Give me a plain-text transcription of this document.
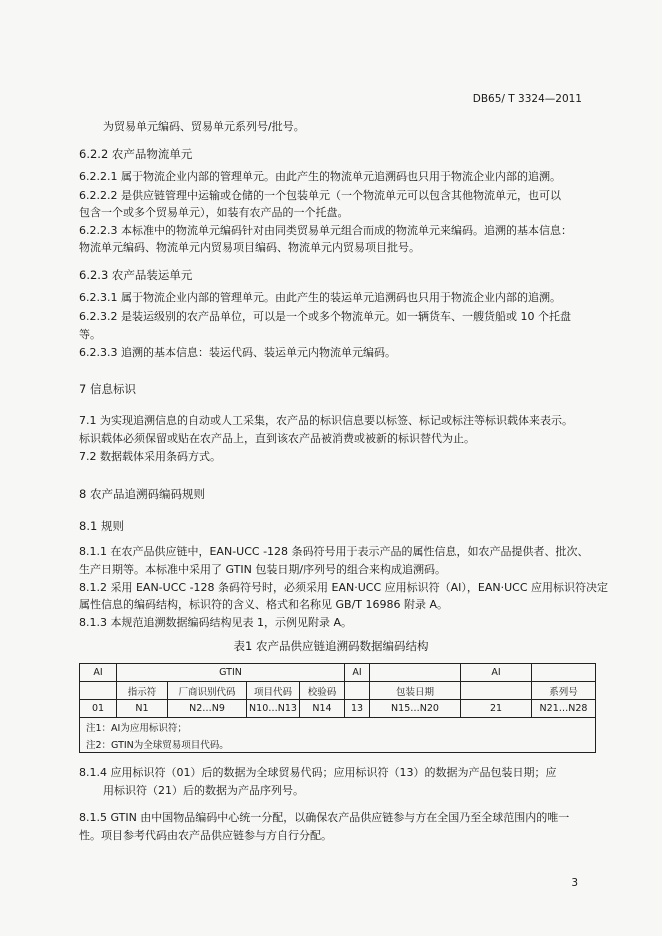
DB65/ T 3324—2011
为贸易单元编码、贸易单元系列号/批号。
6.2.2 农产品物流单元
6.2.2.1 属于物流企业内部的管理单元。由此产生的物流单元追溯码也只用于物流企业内部的追溯。
6.2.2.2 是供应链管理中运输或仓储的一个包装单元（一个物流单元可以包含其他物流单元，也可以
包含一个或多个贸易单元），如装有农产品的一个托盘。
6.2.2.3 本标准中的物流单元编码针对由同类贸易单元组合而成的物流单元来编码。追溯的基本信息：
物流单元编码、物流单元内贸易项目编码、物流单元内贸易项目批号。
6.2.3 农产品装运单元
6.2.3.1 属于物流企业内部的管理单元。由此产生的装运单元追溯码也只用于物流企业内部的追溯。
6.2.3.2 是装运级别的农产品单位，可以是一个或多个物流单元。如一辆货车、一艘货船或 10 个托盘
等。
6.2.3.3 追溯的基本信息：装运代码、装运单元内物流单元编码。
7 信息标识
7.1 为实现追溯信息的自动或人工采集，农产品的标识信息要以标签、标记或标注等标识载体来表示。
标识载体必须保留或贴在农产品上，直到该农产品被消费或被新的标识替代为止。
7.2 数据载体采用条码方式。
8 农产品追溯码编码规则
8.1 规则
8.1.1 在农产品供应链中，EAN-UCC -128 条码符号用于表示产品的属性信息，如农产品提供者、批次、
生产日期等。本标准中采用了 GTIN 包装日期/序列号的组合来构成追溯码。
8.1.2 采用 EAN-UCC -128 条码符号时，必须采用 EAN·UCC 应用标识符（AI），EAN·UCC 应用标识符决定
属性信息的编码结构，标识符的含义、格式和名称见 GB/T 16986 附录 A。
8.1.3 本规范追溯数据编码结构见表 1，示例见附录 A。
表1 农产品供应链追溯码数据编码结构
AI	GTIN				AI		AI	
	指示符	厂商识别代码	项目代码	校验码		包装日期		系列号
01	N1	N2…N9	N10…N13	N14	13	N15…N20	21	N21…N28
注1：AI为应用标识符；								
注2：GTIN为全球贸易项目代码。								
8.1.4 应用标识符（01）后的数据为全球贸易代码；应用标识符（13）的数据为产品包装日期；应
用标识符（21）后的数据为产品序列号。
8.1.5 GTIN 由中国物品编码中心统一分配，以确保农产品供应链参与方在全国乃至全球范围内的唯一
性。项目参考代码由农产品供应链参与方自行分配。
3
